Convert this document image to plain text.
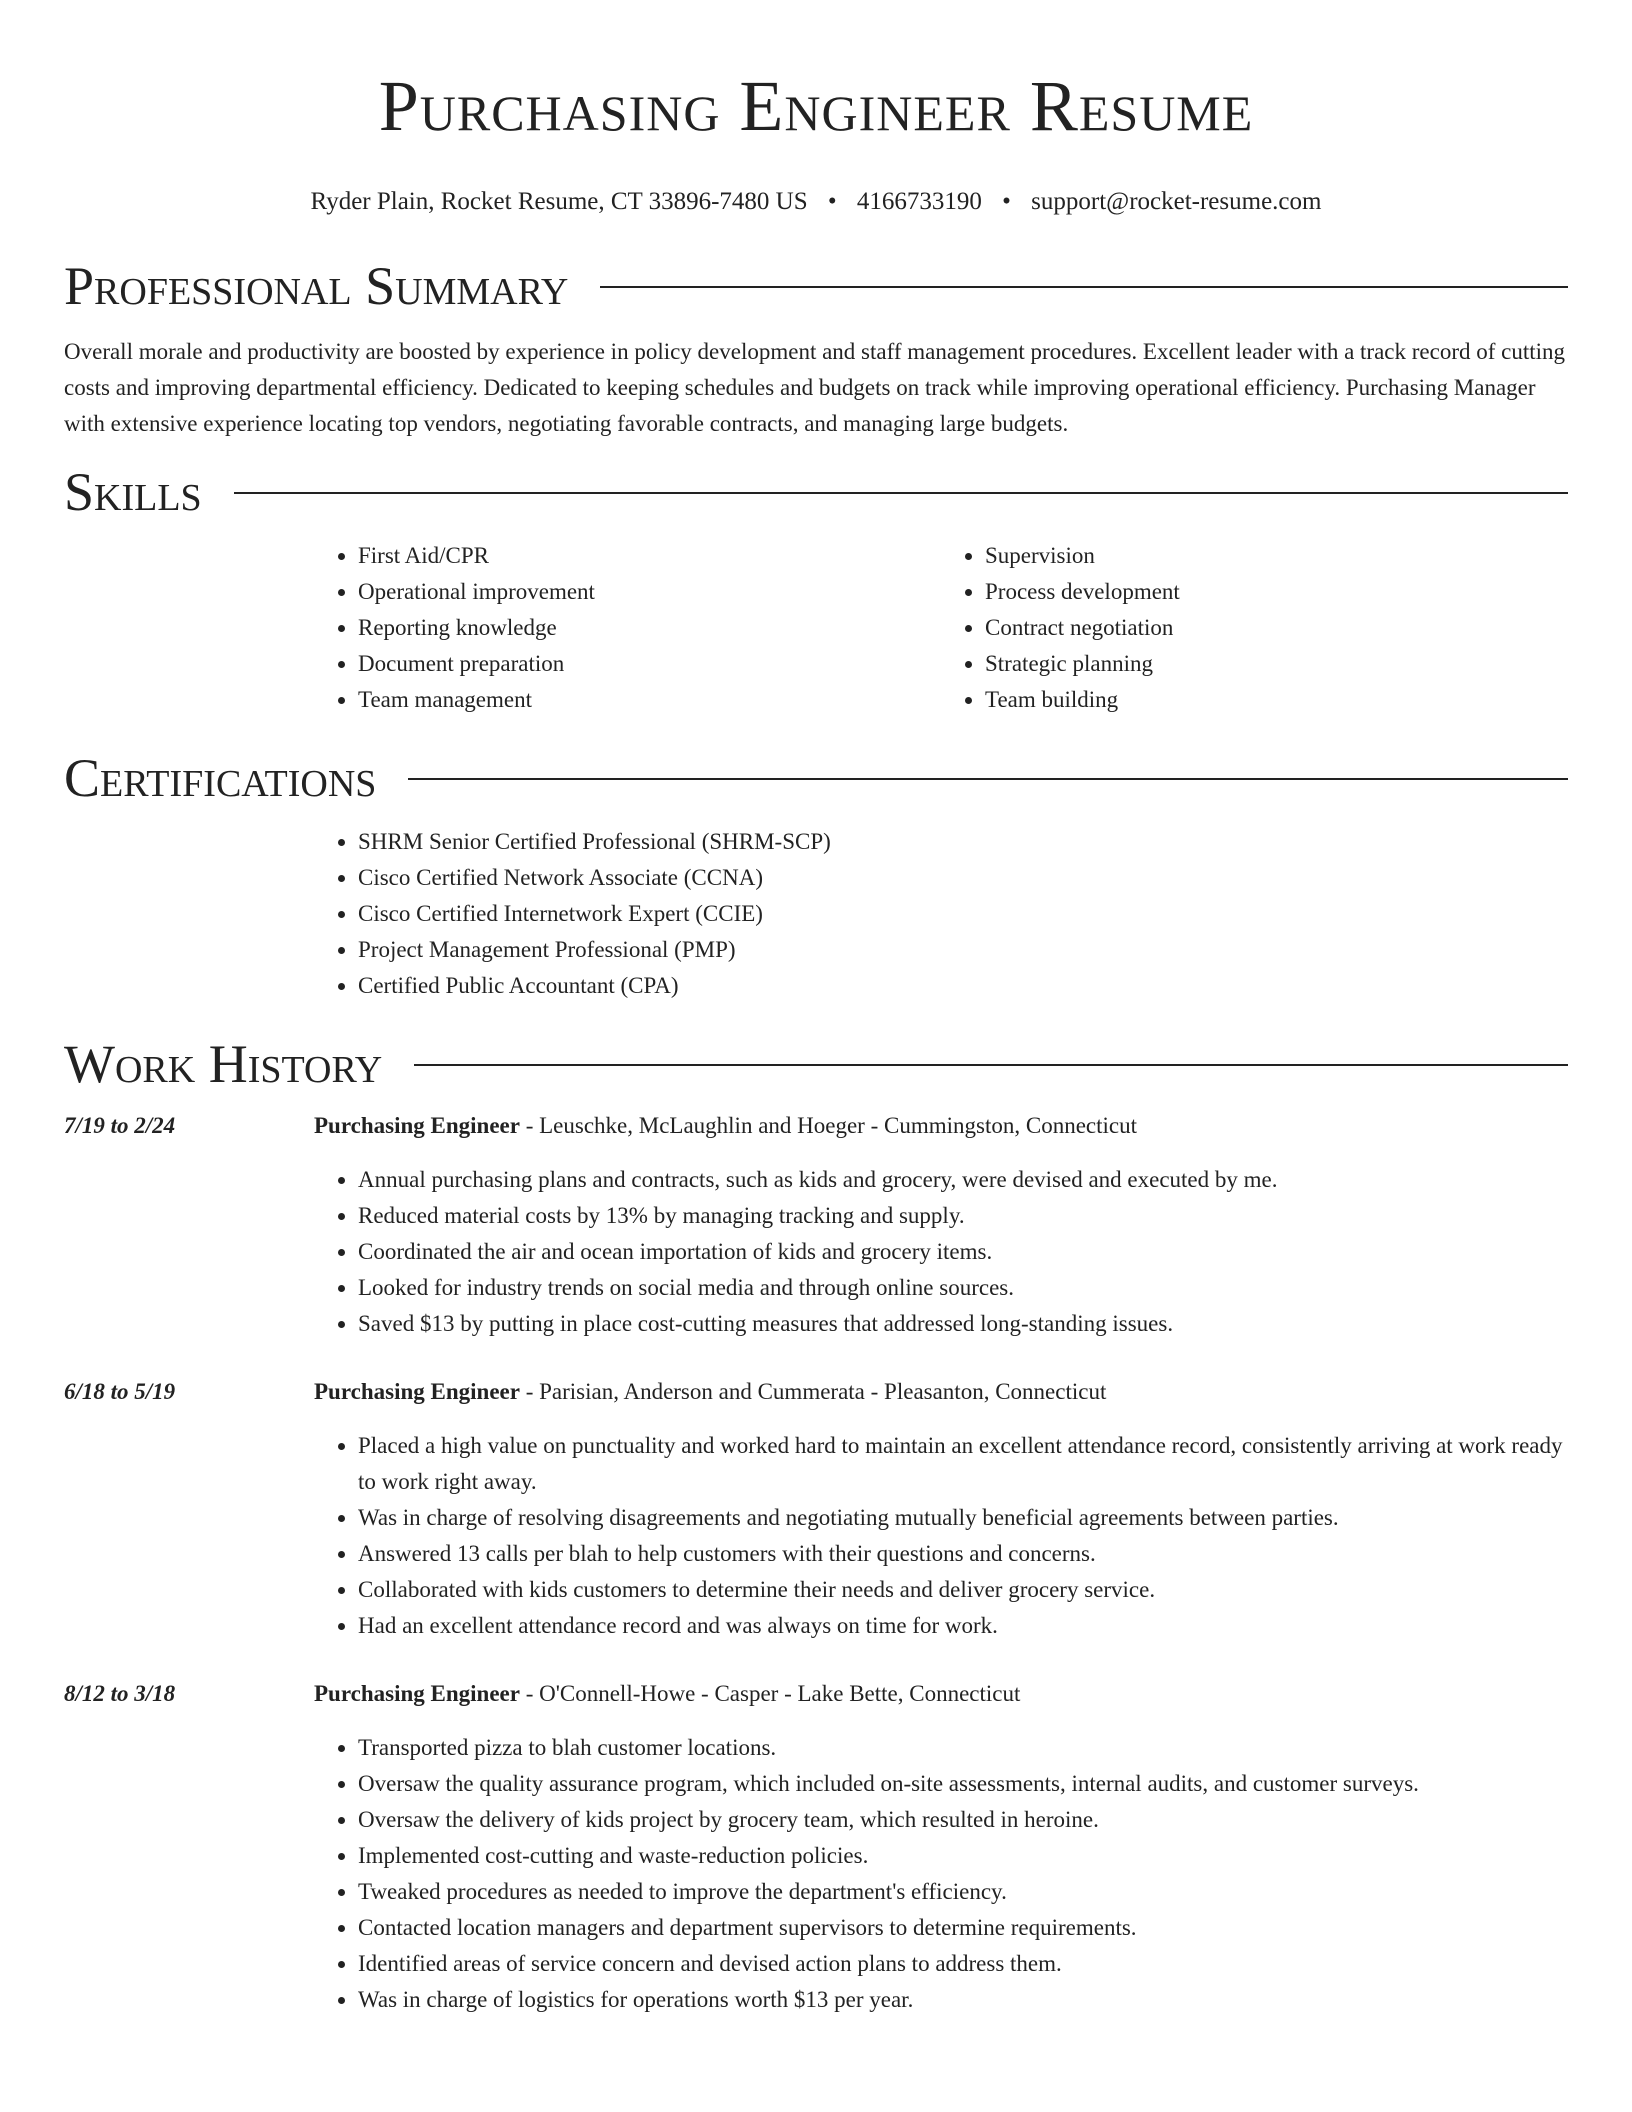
Purchasing Engineer Resume
Ryder Plain, Rocket Resume, CT 33896-7480 US • 4166733190 • support@rocket-resume.com
Professional Summary

Overall morale and productivity are boosted by experience in policy development and staff management procedures. Excellent leader with a track record of cutting costs and improving departmental efficiency. Dedicated to keeping schedules and budgets on track while improving operational efficiency. Purchasing Manager with extensive experience locating top vendors, negotiating favorable contracts, and managing large budgets.

Skills
• First Aid/CPR
• Operational improvement
• Reporting knowledge
• Document preparation
• Team management
• Supervision
• Process development
• Contract negotiation
• Strategic planning
• Team building
Certifications
• SHRM Senior Certified Professional (SHRM-SCP)
• Cisco Certified Network Associate (CCNA)
• Cisco Certified Internetwork Expert (CCIE)
• Project Management Professional (PMP)
• Certified Public Accountant (CPA)
Work History
7/19 to 2/24	Purchasing Engineer - Leuschke, McLaughlin and Hoeger - Cummingston, Connecticut
• Annual purchasing plans and contracts, such as kids and grocery, were devised and executed by me.
• Reduced material costs by 13% by managing tracking and supply.
• Coordinated the air and ocean importation of kids and grocery items.
• Looked for industry trends on social media and through online sources.
• Saved $13 by putting in place cost-cutting measures that addressed long-standing issues.
6/18 to 5/19	Purchasing Engineer - Parisian, Anderson and Cummerata - Pleasanton, Connecticut
• Placed a high value on punctuality and worked hard to maintain an excellent attendance record, consistently arriving at work ready to work right away.
• Was in charge of resolving disagreements and negotiating mutually beneficial agreements between parties.
• Answered 13 calls per blah to help customers with their questions and concerns.
• Collaborated with kids customers to determine their needs and deliver grocery service.
• Had an excellent attendance record and was always on time for work.
8/12 to 3/18	Purchasing Engineer - O'Connell-Howe - Casper - Lake Bette, Connecticut
• Transported pizza to blah customer locations.
• Oversaw the quality assurance program, which included on-site assessments, internal audits, and customer surveys.
• Oversaw the delivery of kids project by grocery team, which resulted in heroine.
• Implemented cost-cutting and waste-reduction policies.
• Tweaked procedures as needed to improve the department's efficiency.
• Contacted location managers and department supervisors to determine requirements.
• Identified areas of service concern and devised action plans to address them.
• Was in charge of logistics for operations worth $13 per year.
